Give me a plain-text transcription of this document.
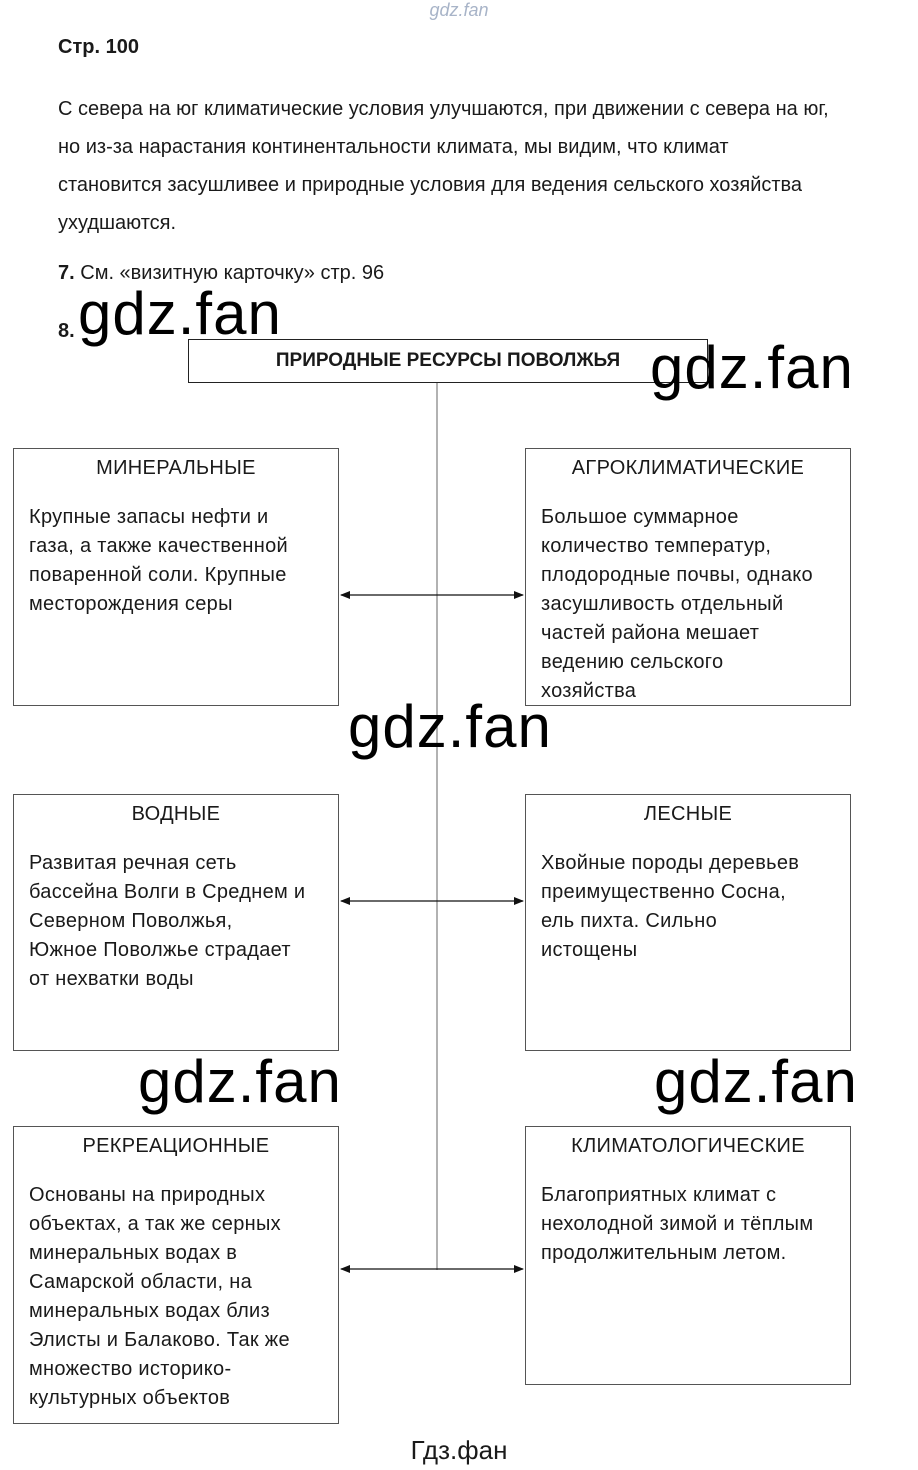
gdz.fan
Стр. 100
С севера на юг климатические условия улучшаются, при движении с севера на юг,
но из-за нарастания континентальности климата, мы видим, что климат
становится засушливее и природные условия для ведения сельского хозяйства
ухудшаются.
7. См. «визитную карточку» стр. 96
8.
ПРИРОДНЫЕ РЕСУРСЫ ПОВОЛЖЬЯ
МИНЕРАЛЬНЫЕ
Крупные запасы нефти и
газа, а также качественной
поваренной соли. Крупные
месторождения серы
АГРОКЛИМАТИЧЕСКИЕ
Большое суммарное
количество температур,
плодородные почвы, однако
засушливость отдельный
частей района мешает
ведению сельского
хозяйства
ВОДНЫЕ
Развитая речная сеть
бассейна Волги в Среднем и
Северном Поволжья,
Южное Поволжье страдает
от нехватки воды
ЛЕСНЫЕ
Хвойные породы деревьев
преимущественно Сосна,
ель пихта. Сильно
истощены
РЕКРЕАЦИОННЫЕ
Основаны на природных
объектах, а так же серных
минеральных водах в
Самарской области, на
минеральных водах близ
Элисты и Балаково. Так же
множество историко-
культурных объектов
КЛИМАТОЛОГИЧЕСКИЕ
Благоприятных климат с
нехолодной зимой и тёплым
продолжительным летом.
gdz.fan
gdz.fan
gdz.fan
gdz.fan	gdz.fan
Гдз.фан
